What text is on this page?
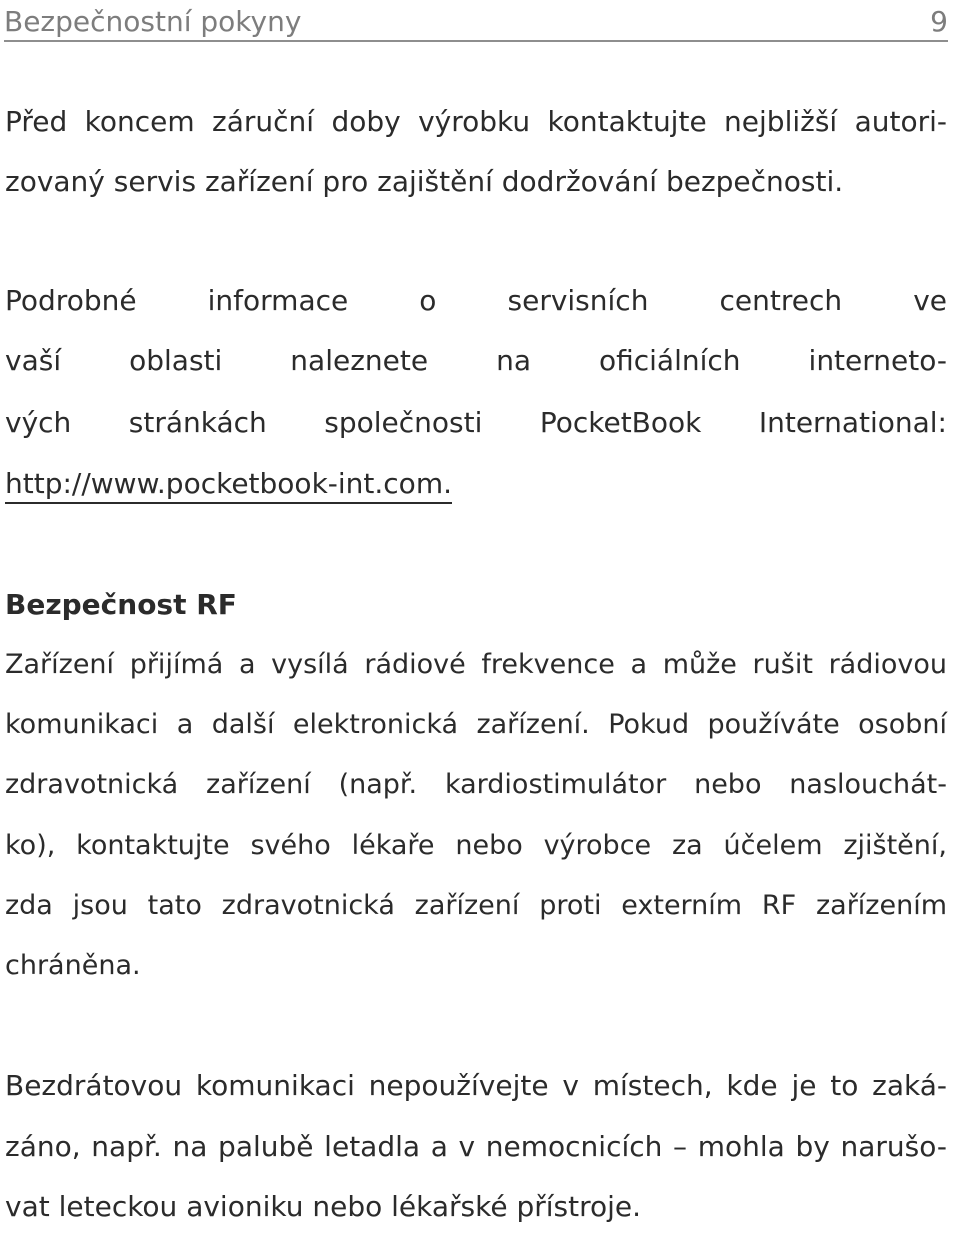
Bezpečnostní pokyny	9
Před koncem záruční doby výrobku kontaktujte nejbližší autori-
zovaný servis zařízení pro zajištění dodržování bezpečnosti.
Podrobné informace o servisních centrech ve
vaší oblasti naleznete na oficiálních interneto-
vých stránkách společnosti PocketBook International:
http://www.pocketbook-int.com.
Bezpečnost RF
Zařízení přijímá a vysílá rádiové frekvence a může rušit rádiovou
komunikaci a další elektronická zařízení. Pokud používáte osobní
zdravotnická zařízení (např. kardiostimulátor nebo naslouchát-
ko), kontaktujte svého lékaře nebo výrobce za účelem zjištění,
zda jsou tato zdravotnická zařízení proti externím RF zařízením
chráněna.
Bezdrátovou komunikaci nepoužívejte v místech, kde je to zaká-
záno, např. na palubě letadla a v nemocnicích – mohla by narušo-
vat leteckou avioniku nebo lékařské přístroje.
